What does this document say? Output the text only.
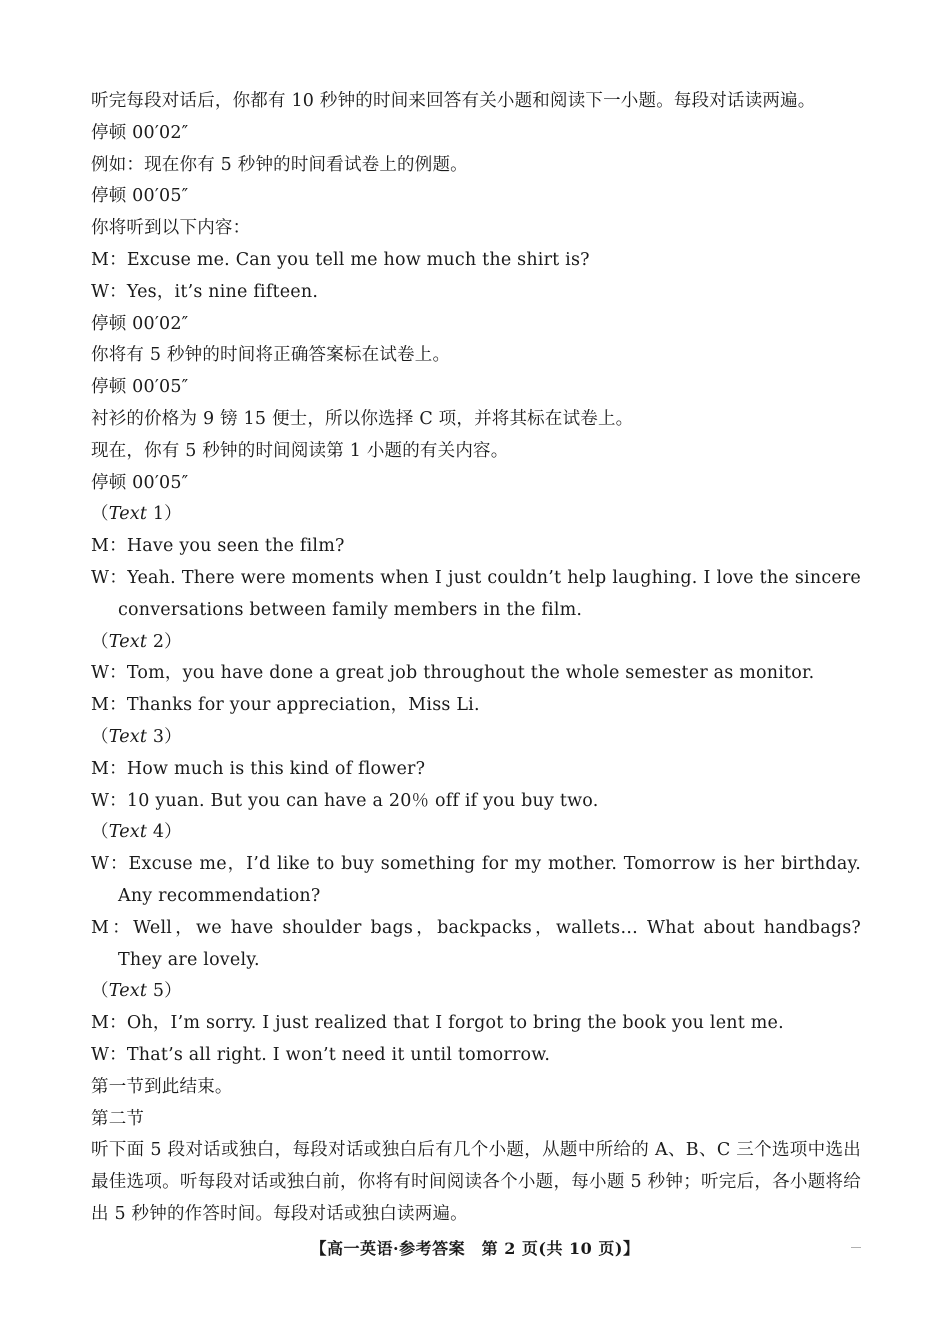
听完每段对话后，你都有 10 秒钟的时间来回答有关小题和阅读下一小题。每段对话读两遍。
停顿 00′02″
例如：现在你有 5 秒钟的时间看试卷上的例题。
停顿 00′05″
你将听到以下内容：
M：Excuse me. Can you tell me how much the shirt is?
W：Yes，it’s nine fifteen.
停顿 00′02″
你将有 5 秒钟的时间将正确答案标在试卷上。
停顿 00′05″
衬衫的价格为 9 镑 15 便士，所以你选择 C 项，并将其标在试卷上。
现在，你有 5 秒钟的时间阅读第 1 小题的有关内容。
停顿 00′05″
（Text 1）
M：Have you seen the film?
W：Yeah. There were moments when I just couldn’t help laughing. I love the sincere conversations between family members in the film.
（Text 2）
W：Tom，you have done a great job throughout the whole semester as monitor.
M：Thanks for your appreciation，Miss Li.
（Text 3）
M：How much is this kind of flower?
W：10 yuan. But you can have a 20％ off if you buy two.
（Text 4）
W：Excuse me，I’d like to buy something for my mother. Tomorrow is her birthday. Any recommendation?
M：Well，we have shoulder bags，backpacks，wallets… What about handbags? They are lovely.
（Text 5）
M：Oh，I’m sorry. I just realized that I forgot to bring the book you lent me.
W：That’s all right. I won’t need it until tomorrow.
第一节到此结束。
第二节
听下面 5 段对话或独白，每段对话或独白后有几个小题，从题中所给的 A、B、C 三个选项中选出最佳选项。听每段对话或独白前，你将有时间阅读各个小题，每小题 5 秒钟；听完后，各小题将给出 5 秒钟的作答时间。每段对话或独白读两遍。
【高一英语·参考答案　第 2 页(共 10 页)】
